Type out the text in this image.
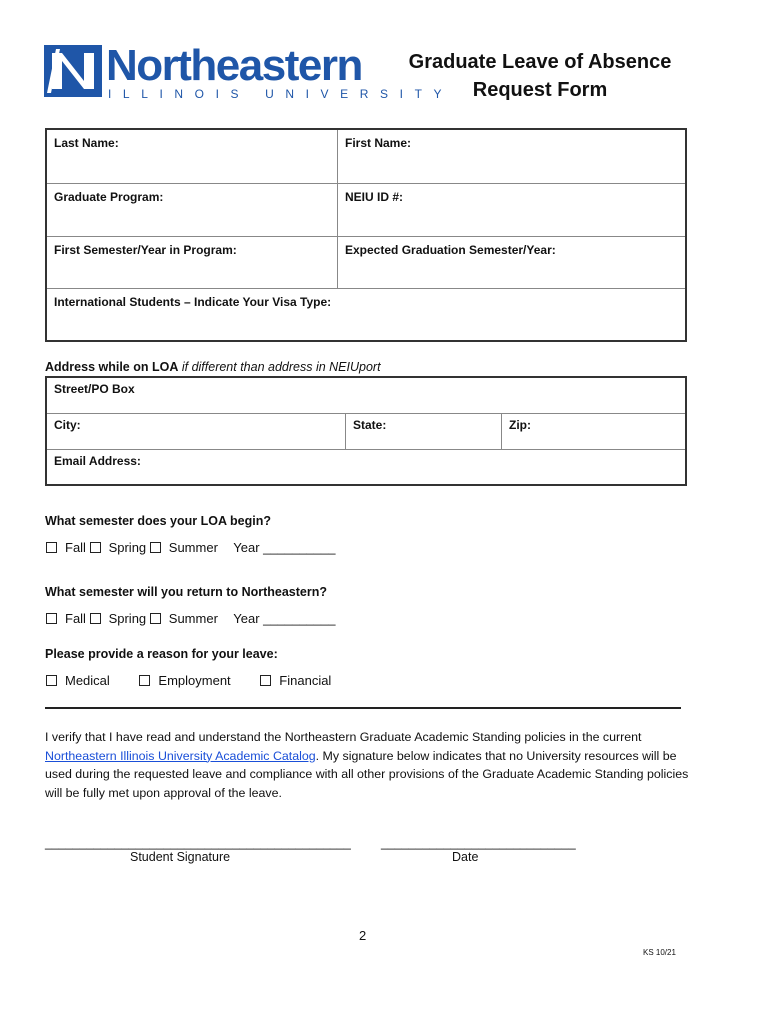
Northeastern
ILLINOIS UNIVERSITY
Graduate Leave of Absence
Request Form
Last Name:	First Name:
Graduate Program:	NEIU ID #:
First Semester/Year in Program:	Expected Graduation Semester/Year:
International Students – Indicate Your Visa Type:
Address while on LOA if different than address in NEIUport
Street/PO Box
City:	State:	Zip:
Email Address:
What semester does your LOA begin?
Fall Spring Summer Year __________
What semester will you return to Northeastern?
Fall Spring Summer Year __________
Please provide a reason for your leave:
Medical	Employment	Financial
I verify that I have read and understand the Northeastern Graduate Academic Standing policies in the current Northeastern Illinois University Academic Catalog. My signature below indicates that no University resources will be used during the requested leave and compliance with all other provisions of the Graduate Academic Standing policies will be fully met upon approval of the leave.
____________________________________________ ____________________________
Student Signature	Date
2
KS 10/21
